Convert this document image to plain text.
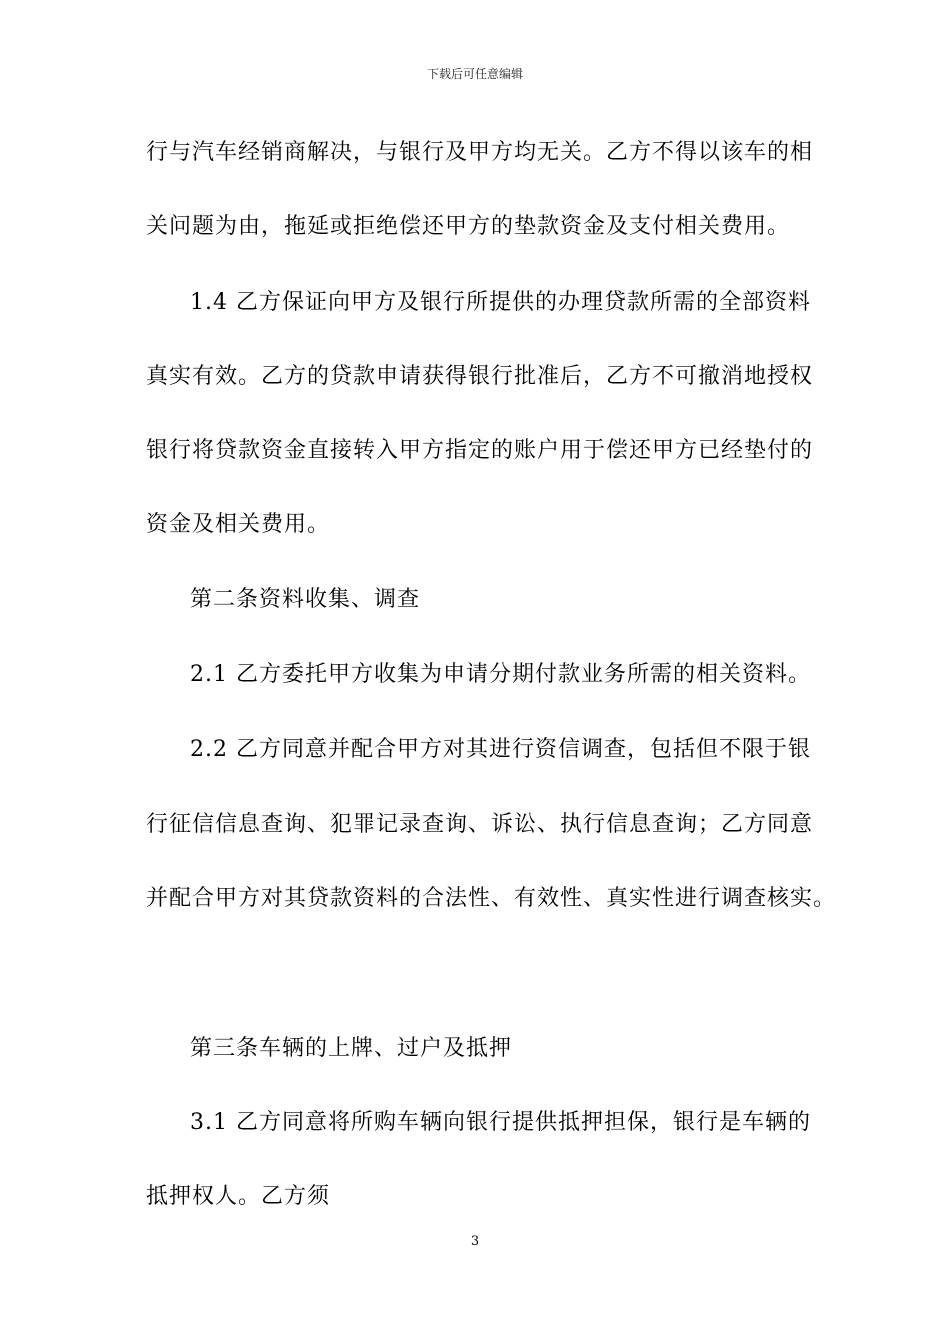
下载后可任意编辑
行与汽车经销商解决，与银行及甲方均无关。乙方不得以该车的相
关问题为由，拖延或拒绝偿还甲方的垫款资金及支付相关费用。
1.4 乙方保证向甲方及银行所提供的办理贷款所需的全部资料
真实有效。乙方的贷款申请获得银行批准后，乙方不可撤消地授权
银行将贷款资金直接转入甲方指定的账户用于偿还甲方已经垫付的
资金及相关费用。
第二条资料收集、调查
2.1 乙方委托甲方收集为申请分期付款业务所需的相关资料。
2.2 乙方同意并配合甲方对其进行资信调查，包括但不限于银
行征信信息查询、犯罪记录查询、诉讼、执行信息查询；乙方同意
并配合甲方对其贷款资料的合法性、有效性、真实性进行调查核实。
第三条车辆的上牌、过户及抵押
3.1 乙方同意将所购车辆向银行提供抵押担保，银行是车辆的
抵押权人。乙方须
3
